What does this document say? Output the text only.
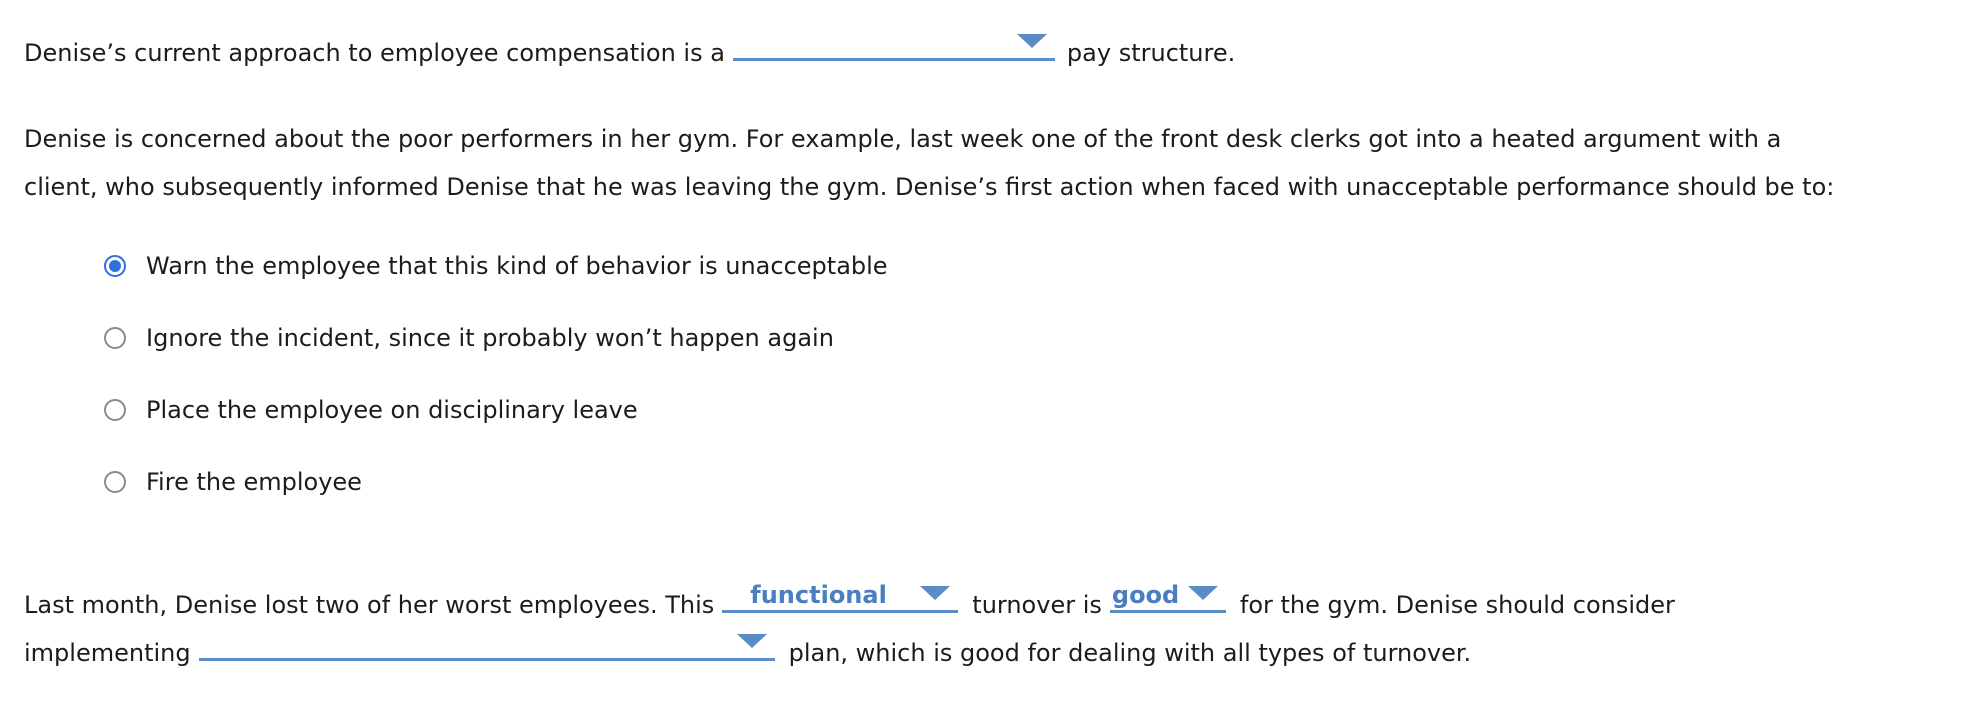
Denise’s current approach to employee compensation is a	pay structure.
Denise is concerned about the poor performers in her gym. For example, last week one of the front desk clerks got into a heated argument with a
client, who subsequently informed Denise that he was leaving the gym. Denise’s first action when faced with unacceptable performance should be to:
Warn the employee that this kind of behavior is unacceptable
Ignore the incident, since it probably won’t happen again
Place the employee on disciplinary leave
Fire the employee
Last month, Denise lost two of her worst employees. This functional	turnover is good	for the gym. Denise should consider
implementing	plan, which is good for dealing with all types of turnover.
